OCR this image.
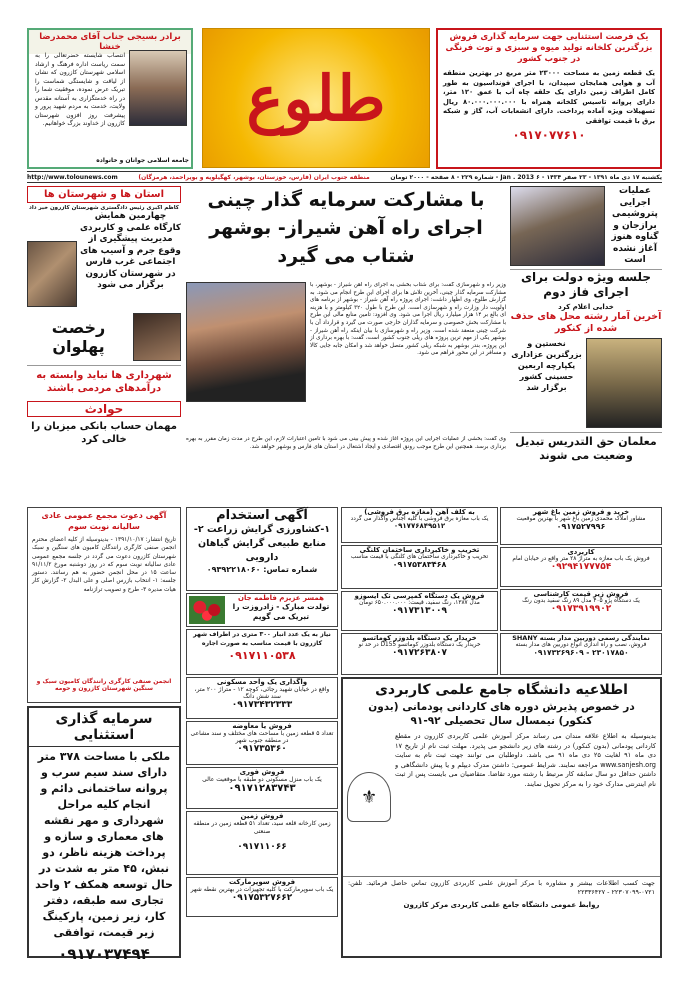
برادر بسیجی جناب آقای محمدرضا خنشا
انتصاب شایسته حضرتعالی را به سمت ریاست اداره فرهنگ و ارشاد اسلامی شهرستان کازرون که نشان از لیاقت و شایستگی شماست را تبریک عرض نموده، موفقیت شما را در راه خدمتگزاری به آستانه مقدس ولایت، خدمت به مردم شهید پرور و پیشرفت روز افزون شهرستان کازرون از خداوند بزرگ خواهانیم.
جامعه اسلامی جوانان و خانواده
طلوع
یک فرصت استثنایی جهت سرمایه گذاری فروش بزرگترین کلخانه تولید میوه و سبزی و توت فرنگی در جنوب کشور
یک قطعه زمین به مساحت ۲۳۰۰۰ متر مربع در بهترین منطقه آب و هوایی همایجان سپیدان، با اجرای فونداسیون به طور کامل اطراف زمین دارای یک حلقه چاه آب با عمق ۱۲۰ متر، دارای پروانه تاسیس کلخانه همراه با ۸۰.۰۰۰.۰۰۰.۰۰۰ ریال تسهیلات ویژه آماده پرداخت. دارای انشعابات آب، گاز و شبکه برق با قیمت توافقی
۰۹۱۷۰۷۷۶۱۰
یکشنبه ۱۷ دی ماه ۱۳۹۱ - ۲۳ صفر ۱۴۳۴ - ۶ Jan . 2013 - شماره ۲۲۹ - ۸ صفحه - ۲۰۰۰ تومان
منطقه جنوب ایران (فارس، خوزستان، بوشهر، کهگیلویه و بویراحمد، هرمزگان)
http://www.tolounews.com
استان ها و شهرستان ها
کاظم اکبری رئیس دادگستری شهرستان کازرون خبر داد
چهارمین همایش کارگاه علمی و کاربردی مدیریت پیشگیری از وقوع جرم و آسیب های اجتماعی غرب فارس در شهرستان کازرون برگزار می شود
رخصت پهلوان
شهرداری ها نباید وابسته به درآمدهای مردمی باشند
حوادث
مهمان حساب بانکی میزبان را خالی کرد
با مشارکت سرمایه گذار چینی اجرای راه آهن شیراز- بوشهر شتاب می گیرد
وزیر راه و شهرسازی گفت: برای شتاب بخشی به اجرای راه آهن شیراز - بوشهر، با مشارکت سرمایه گذار چینی، آخرین تلاش ها برای اجرای این طرح انجام می شود. به گزارش طلوع، وی اظهار داشت: اجرای پروژه راه آهن شیراز - بوشهر از برنامه های اولویت دار وزارت راه و شهرسازی است. این طرح با طول ۳۲۰ کیلومتر و با هزینه ای بالغ بر ۱۴ هزار میلیارد ریال اجرا می شود. وی افزود: تامین منابع مالی این طرح با مشارکت بخش خصوصی و سرمایه گذاران خارجی صورت می گیرد و قرارداد آن با شرکت چینی منعقد شده است. وزیر راه و شهرسازی با بیان اینکه راه آهن شیراز - بوشهر یکی از مهم ترین پروژه های ریلی جنوب کشور است، گفت: با بهره برداری از این پروژه، بندر بوشهر به شبکه ریلی کشور متصل خواهد شد و امکان جابه جایی کالا و مسافر در این محور فراهم می شود.
وی گفت: بخشی از عملیات اجرایی این پروژه آغاز شده و پیش بینی می شود با تامین اعتبارات لازم، این طرح در مدت زمان مقرر به بهره برداری برسد. همچنین این طرح موجب رونق اقتصادی و ایجاد اشتغال در استان های فارس و بوشهر خواهد شد.
عملیات اجرایی پتروشیمی برازجان و گناوه هنوز آغاز نشده است
جلسه ویژه دولت برای اجرای فاز دوم
خدایی اعلام کرد
آخرین آمار رشته محل های حذف شده از کنکور
نخستین و بزرگترین عزاداری یکپارچه اربعین حسینی کشور برگزار شد
معلمان حق التدریس تبدیل وضعیت می شوند
آگهی دعوت مجمع عمومی عادی سالیانه نوبت سوم
تاریخ انتشار: ۱۳۹۱/۱۰/۱۷ - بدینوسیله از کلیه اعضای محترم انجمن صنفی کارگری رانندگان کامیون های سنگین و سبک شهرستان کازرون دعوت می گردد در جلسه مجمع عمومی عادی سالیانه نوبت سوم که در روز دوشنبه مورخ ۹۱/۱۱/۲ ساعت ۱۵ در محل انجمن حضور به هم رسانند. دستور جلسه: ۱- انتخاب بازرس اصلی و علی البدل ۲- گزارش کار هیات مدیره ۳- طرح و تصویب ترازنامه
انجمن صنفی کارگری رانندگان کامیون سبک و سنگین شهرستان کازرون و حومه
سرمایه گذاری استثنایی
ملکی با مساحت ۳۷۸ متر دارای سند سیم سرب و پروانه ساختمانی دائم و انجام کلیه مراحل شهرداری و مهر نقشه های معماری و سازه و پرداخت هزینه ناظر، دو نبش، ۴۵ متر به شدت در حال توسعه همکف ۲ واحد تجاری سه طبقه، دفتر کار، زیر زمین، پارکینگ زیر قیمت، توافقی
۰۹۱۷۰۳۷۴۹۴
آگهی استخدام
۱-کشاورزی گرایش زراعت ۲-منابع طبیعی گرایش گیاهان دارویی
شماره تماس: ۰۹۳۹۲۲۱۸۰۶۰
همسر عزیزم فاطمه جان
تولدت مبارک - زادروزت را تبریک می گویم
نیاز به یک عدد انبار ۳۰۰ متری در اطراف شهر کازرون با قیمت مناسب به صورت اجاره
۰۹۱۷۱۱۰۵۳۸
واگذاری یک واحد مسکونی
واقع در خیابان شهید رجائی، کوچه ۱۲ - متراژ ۲۰۰ متر، سند شش دانگ
۰۹۱۷۳۴۳۲۳۳۳
فروش یا معاوضه
تعداد ۵ قطعه زمین با مساحت های مختلف و سند مشاعی در منطقه جنوب شهر
۰۹۱۷۳۵۳۶۰
فروش فوری
یک باب منزل مسکونی دو طبقه با موقعیت عالی
۰۹۱۷۱۲۸۳۷۴۳
فروش زمین
زمین کارخانه قلعه سید، تعداد ۵۱ قطعه زمین در منطقه صنعتی
۰۹۱۷۱۱۰۶۶
فروش سوپرمارکت
یک باب سوپرمارکت با کلیه تجهیزات در بهترین نقطه شهر
۰۹۱۷۵۳۲۷۶۶۲
به کلف آهن (مغازه برق فروشی)
یک باب مغازه برق فروشی با کلیه اجناس واگذار می گردد
۰۹۱۷۷۶۸۴۹۵۱۲
تخریب و خاکبرداری ساختمان کلنگی
تخریب و خاکبرداری ساختمان های کلنگی با قیمت مناسب
۰۹۱۷۵۳۸۳۴۶۸
فروش یک دستگاه کمپرسی تک ایسوزو
مدل ۱۳۸۷، رنگ سفید، قیمت: ۶۵۰.۰۰۰.۰۰۰ تومان
۰۹۱۷۳۱۳۰۰۹
خریدار یک دستگاه بلدوزر کوماتسو
خریدار یک دستگاه بلدوزر کوماتسو D155 در حد نو
۰۹۱۷۲۶۳۸۰۷
خرید و فروش زمین باغ شهر
مشاور املاک محمدی زمین باغ شهر با بهترین موقعیت
۰۹۱۷۵۲۷۹۹۶
کاربردی
فروش یک باب مغازه به متراژ ۲۸ متر واقع در خیابان امام
۰۹۲۹۴۱۷۷۷۵۴
فروش زیر قیمت کارشناسی
یک دستگاه پژو ۴۰۵ مدل ۸۹ رنگ سفید بدون رنگ
۰۹۱۷۳۹۱۹۹۰۲
نمایندگی رسمی دوربین مدار بسته SHANY
فروش، نصب و راه اندازی انواع دوربین های مدار بسته
۲۳۰۱۷۸۵۰ - ۰۹۱۷۳۲۶۹۶۰۹
اطلاعیه دانشگاه جامع علمی کاربردی
در خصوص پذیرش دوره های کاردانی پودمانی (بدون کنکور) نیمسال سال تحصیلی ۹۲-۹۱
بدینوسیله به اطلاع علاقه مندان می رساند مرکز آموزش علمی کاربردی کازرون در مقطع کاردانی پودمانی (بدون کنکور) در رشته های زیر دانشجو می پذیرد. مهلت ثبت نام از تاریخ ۱۷ دی ماه ۹۱ لغایت ۲۵ دی ماه ۹۱ می باشد. داوطلبان می توانند جهت ثبت نام به سایت www.sanjesh.org مراجعه نمایند. شرایط عمومی: داشتن مدرک دیپلم و یا پیش دانشگاهی و داشتن حداقل دو سال سابقه کار مرتبط با رشته مورد تقاضا. متقاضیان می بایست پس از ثبت نام اینترنتی مدارک خود را به مرکز تحویل نمایند.
⚜
جهت کسب اطلاعات بیشتر و مشاوره با مرکز آموزش علمی کاربردی کازرون تماس حاصل فرمائید. تلفن: ۰۷۲۱-۲۲۳۰۷۰۹۹ - ۲۲۳۳۶۴۲۷
روابط عمومی دانشگاه جامع علمی کاربردی مرکز کازرون
